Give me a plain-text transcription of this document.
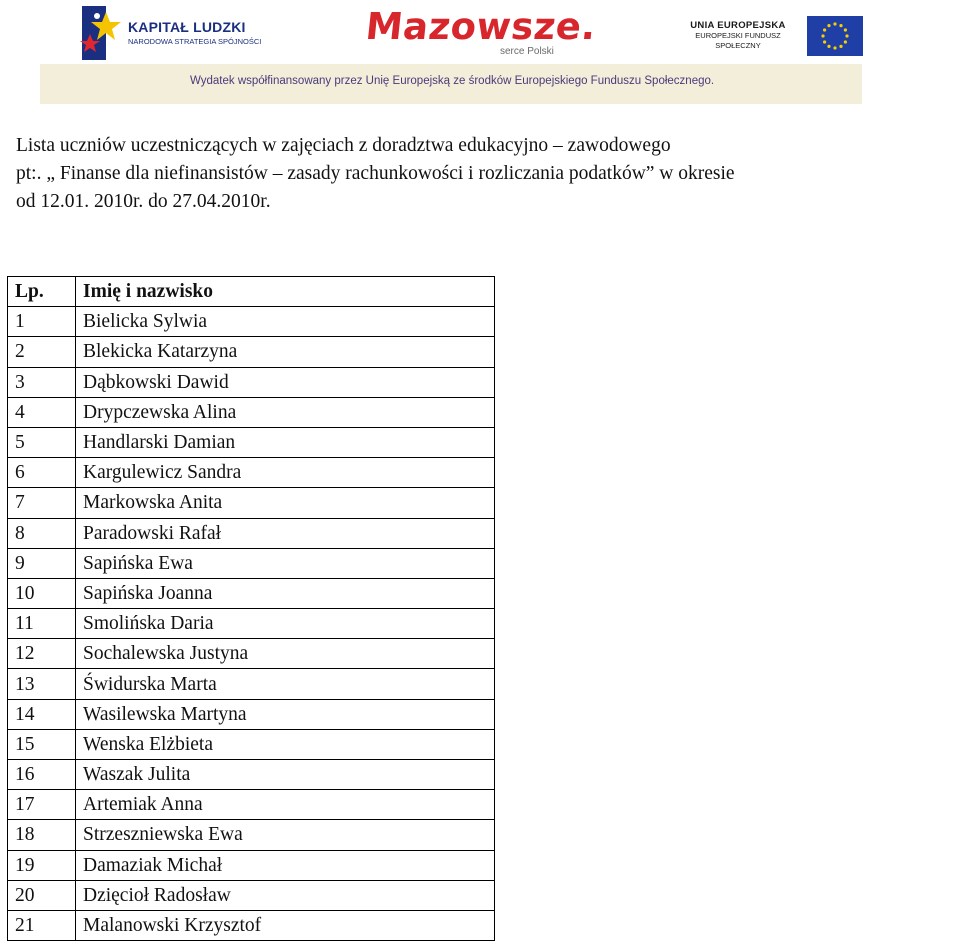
Wydatek współfinansowany przez Unię Europejską ze środków Europejskiego Funduszu Społecznego.
KAPITAŁ LUDZKI
NARODOWA STRATEGIA SPÓJNOŚCI	Mazowsze.
serce Polski
UNIA EUROPEJSKA
EUROPEJSKI FUNDUSZ
SPOŁECZNY
Lista uczniów uczestniczących w zajęciach z doradztwa edukacyjno – zawodowego
pt:. „ Finanse dla niefinansistów – zasady rachunkowości i rozliczania podatków” w okresie
od 12.01. 2010r. do 27.04.2010r.
Lp.	Imię i nazwisko
1	Bielicka Sylwia
2	Blekicka Katarzyna
3	Dąbkowski Dawid
4	Drypczewska Alina
5	Handlarski Damian
6	Kargulewicz Sandra
7	Markowska Anita
8	Paradowski Rafał
9	Sapińska Ewa
10	Sapińska Joanna
11	Smolińska Daria
12	Sochalewska Justyna
13	Świdurska Marta
14	Wasilewska Martyna
15	Wenska Elżbieta
16	Waszak Julita
17	Artemiak Anna
18	Strzeszniewska Ewa
19	Damaziak Michał
20	Dzięcioł Radosław
21	Malanowski Krzysztof
